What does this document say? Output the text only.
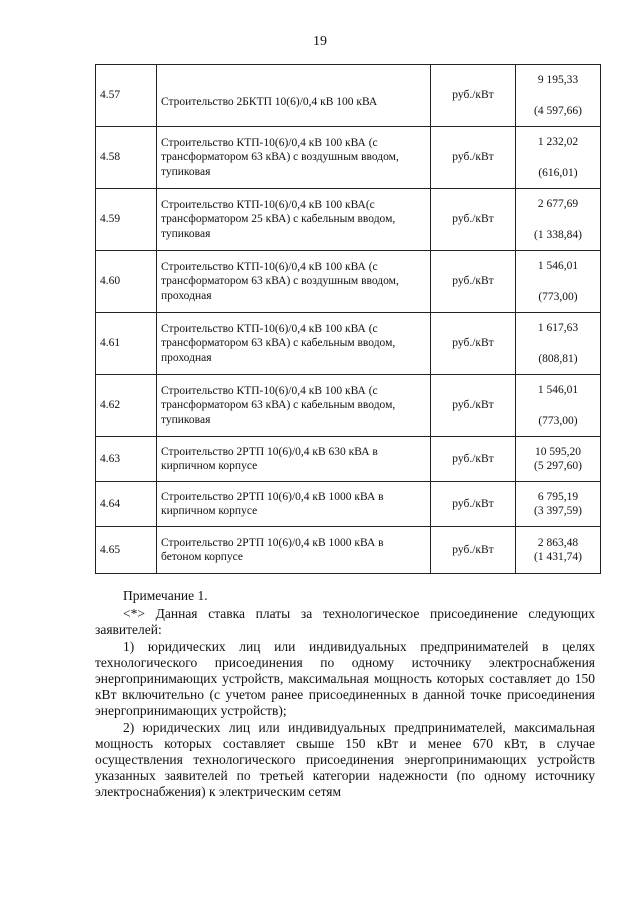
19
4.57	Строительство 2БКТП 10(6)/0,4 кВ 100 кВА	руб./кВт	9 195,33
(4 597,66)

4.58	Строительство КТП-10(6)/0,4 кВ 100 кВА (с трансформатором 63 кВА) с воздушным вводом, тупиковая	руб./кВт	1 232,02
(616,01)

4.59	Строительство КТП-10(6)/0,4 кВ 100 кВА(с трансформатором 25 кВА) с кабельным вводом, тупиковая	руб./кВт	2 677,69
(1 338,84)

4.60	Строительство КТП-10(6)/0,4 кВ 100 кВА (с трансформатором 63 кВА) с воздушным вводом, проходная	руб./кВт	1 546,01
(773,00)

4.61	Строительство КТП-10(6)/0,4 кВ 100 кВА (с трансформатором 63 кВА) с кабельным вводом, проходная	руб./кВт	1 617,63
(808,81)

4.62	Строительство КТП-10(6)/0,4 кВ 100 кВА (с трансформатором 63 кВА) с кабельным вводом, тупиковая	руб./кВт	1 546,01
(773,00)

4.63	Строительство 2РТП 10(6)/0,4 кВ 630 кВА в кирпичном корпусе	руб./кВт	10 595,20
(5 297,60)

4.64	Строительство 2РТП 10(6)/0,4 кВ 1000 кВА в кирпичном корпусе	руб./кВт	6 795,19
(3 397,59)

4.65	Строительство 2РТП 10(6)/0,4 кВ 1000 кВА в бетоном корпусе	руб./кВт	2 863,48
(1 431,74)

Примечание 1.

<*> Данная ставка платы за технологическое присоединение следующих заявителей:

1) юридических лиц или индивидуальных предпринимателей в целях технологического присоединения по одному источнику электроснабжения энергопринимающих устройств, максимальная мощность которых составляет до 150 кВт включительно (с учетом ранее присоединенных в данной точке присоединения энергопринимающих устройств);

2) юридических лиц или индивидуальных предпринимателей, максимальная мощность которых составляет свыше 150 кВт и менее 670 кВт, в случае осуществления технологического присоединения энергопринимающих устройств указанных заявителей по третьей категории надежности (по одному источнику электроснабжения) к электрическим сетям
